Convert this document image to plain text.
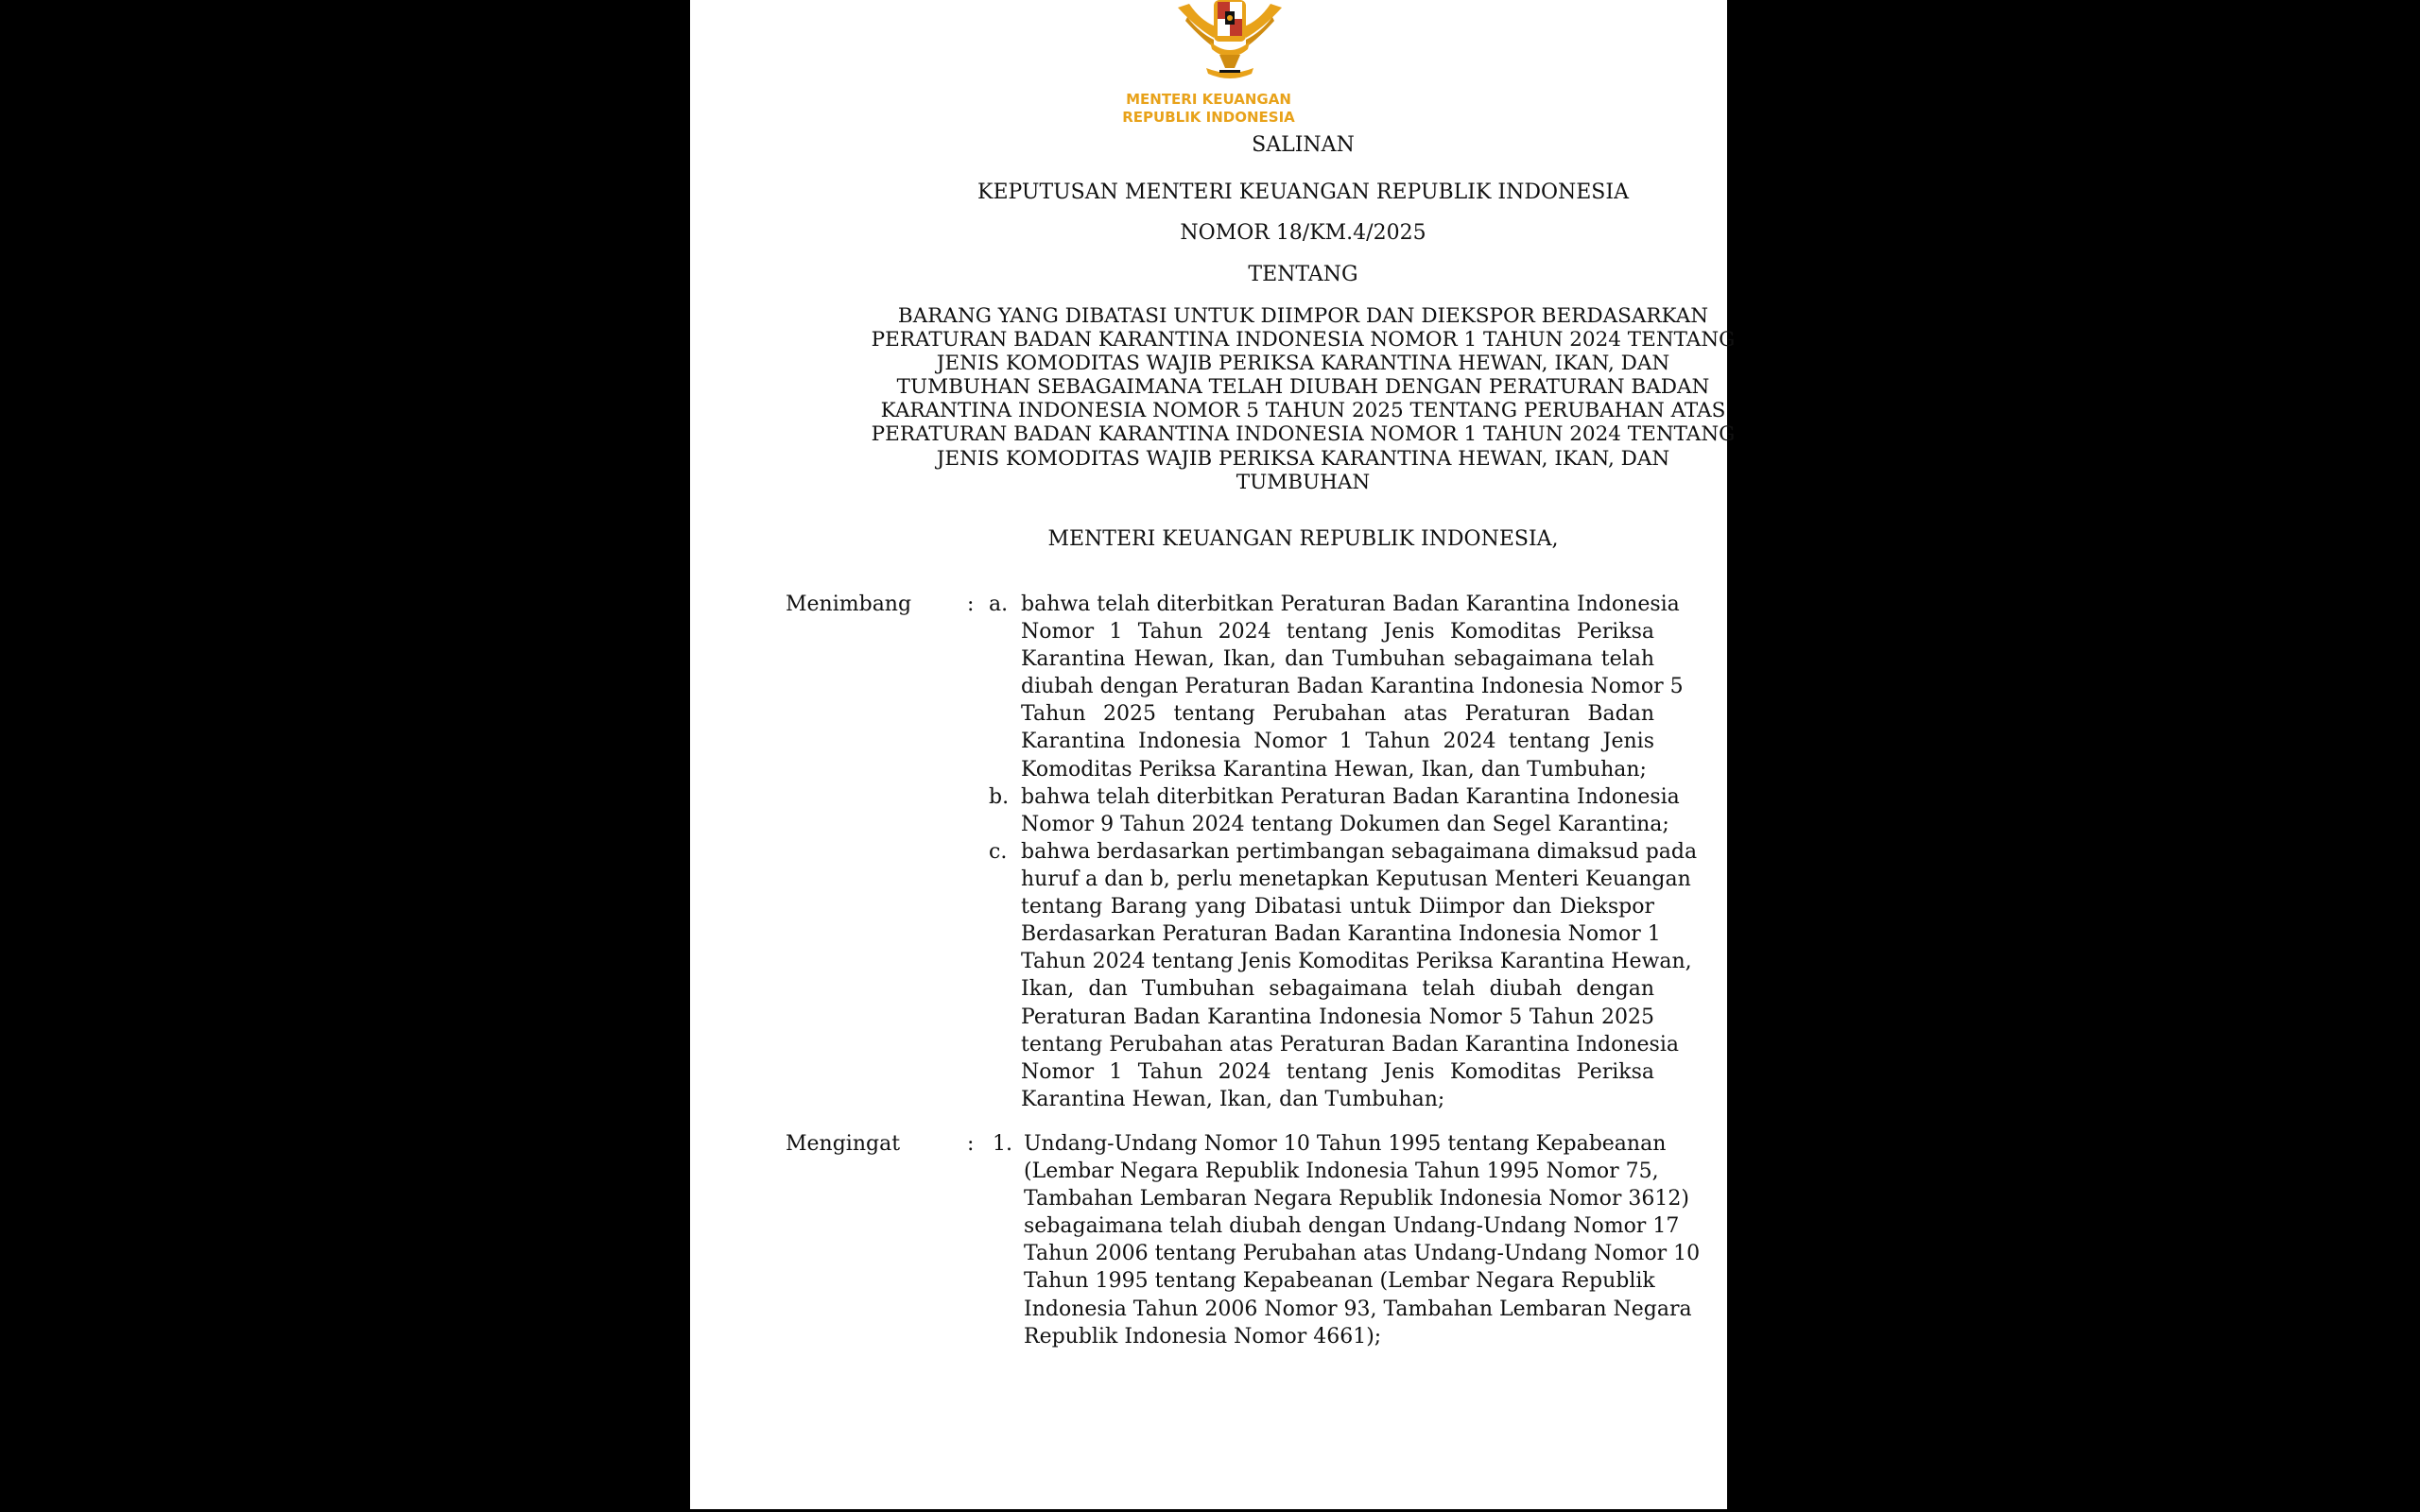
MENTERI KEUANGAN
REPUBLIK INDONESIA
SALINAN
KEPUTUSAN MENTERI KEUANGAN REPUBLIK INDONESIA
NOMOR 18/KM.4/2025
TENTANG
BARANG YANG DIBATASI UNTUK DIIMPOR DAN DIEKSPOR BERDASARKAN
PERATURAN BADAN KARANTINA INDONESIA NOMOR 1 TAHUN 2024 TENTANG
JENIS KOMODITAS WAJIB PERIKSA KARANTINA HEWAN, IKAN, DAN
TUMBUHAN SEBAGAIMANA TELAH DIUBAH DENGAN PERATURAN BADAN
KARANTINA INDONESIA NOMOR 5 TAHUN 2025 TENTANG PERUBAHAN ATAS
PERATURAN BADAN KARANTINA INDONESIA NOMOR 1 TAHUN 2024 TENTANG
JENIS KOMODITAS WAJIB PERIKSA KARANTINA HEWAN, IKAN, DAN
TUMBUHAN
MENTERI KEUANGAN REPUBLIK INDONESIA,
Menimbang	: a. bahwa telah diterbitkan Peraturan Badan Karantina Indonesia
Nomor 1 Tahun 2024 tentang Jenis Komoditas Periksa
Karantina Hewan, Ikan, dan Tumbuhan sebagaimana telah
diubah dengan Peraturan Badan Karantina Indonesia Nomor 5
Tahun 2025 tentang Perubahan atas Peraturan Badan
Karantina Indonesia Nomor 1 Tahun 2024 tentang Jenis
Komoditas Periksa Karantina Hewan, Ikan, dan Tumbuhan;
b. bahwa telah diterbitkan Peraturan Badan Karantina Indonesia
Nomor 9 Tahun 2024 tentang Dokumen dan Segel Karantina;
c. bahwa berdasarkan pertimbangan sebagaimana dimaksud pada
huruf a dan b, perlu menetapkan Keputusan Menteri Keuangan
tentang Barang yang Dibatasi untuk Diimpor dan Diekspor
Berdasarkan Peraturan Badan Karantina Indonesia Nomor 1
Tahun 2024 tentang Jenis Komoditas Periksa Karantina Hewan,
Ikan, dan Tumbuhan sebagaimana telah diubah dengan
Peraturan Badan Karantina Indonesia Nomor 5 Tahun 2025
tentang Perubahan atas Peraturan Badan Karantina Indonesia
Nomor 1 Tahun 2024 tentang Jenis Komoditas Periksa
Karantina Hewan, Ikan, dan Tumbuhan;
Mengingat	: 1. Undang-Undang Nomor 10 Tahun 1995 tentang Kepabeanan
(Lembar Negara Republik Indonesia Tahun 1995 Nomor 75,
Tambahan Lembaran Negara Republik Indonesia Nomor 3612)
sebagaimana telah diubah dengan Undang-Undang Nomor 17
Tahun 2006 tentang Perubahan atas Undang-Undang Nomor 10
Tahun 1995 tentang Kepabeanan (Lembar Negara Republik
Indonesia Tahun 2006 Nomor 93, Tambahan Lembaran Negara
Republik Indonesia Nomor 4661);
